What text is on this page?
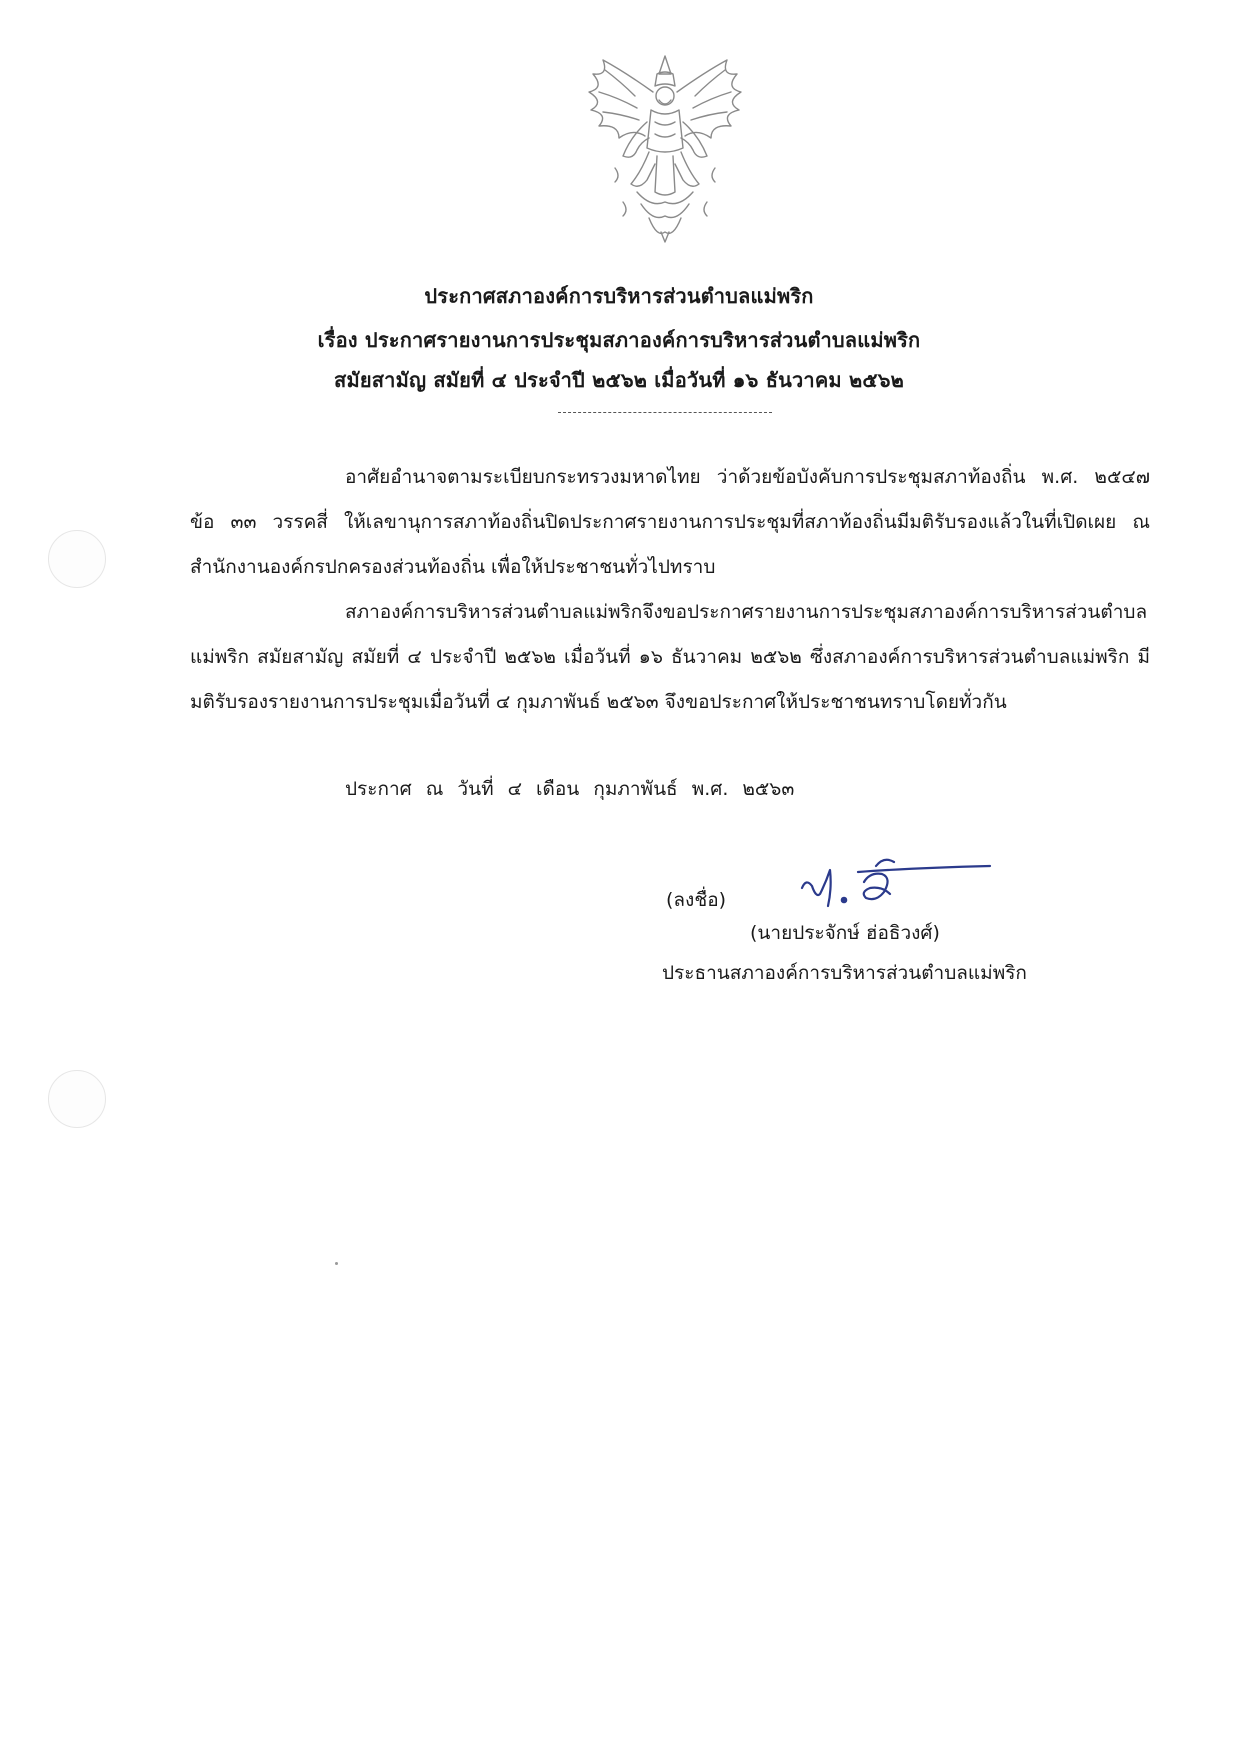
ประกาศสภาองค์การบริหารส่วนตำบลแม่พริก
เรื่อง ประกาศรายงานการประชุมสภาองค์การบริหารส่วนตำบลแม่พริก
สมัยสามัญ สมัยที่ ๔ ประจำปี ๒๕๖๒ เมื่อวันที่ ๑๖ ธันวาคม ๒๕๖๒
อาศัยอำนาจตามระเบียบกระทรวงมหาดไทย ว่าด้วยข้อบังคับการประชุมสภาท้องถิ่น พ.ศ. ๒๕๔๗ ข้อ ๓๓ วรรคสี่ ให้เลขานุการสภาท้องถิ่นปิดประกาศรายงานการประชุมที่สภาท้องถิ่นมีมติรับรองแล้วในที่เปิดเผย ณ สำนักงานองค์กรปกครองส่วนท้องถิ่น เพื่อให้ประชาชนทั่วไปทราบ
สภาองค์การบริหารส่วนตำบลแม่พริกจึงขอประกาศรายงานการประชุมสภาองค์การบริหารส่วนตำบลแม่พริก สมัยสามัญ สมัยที่ ๔ ประจำปี ๒๕๖๒ เมื่อวันที่ ๑๖ ธันวาคม ๒๕๖๒ ซึ่งสภาองค์การบริหารส่วนตำบลแม่พริก มีมติรับรองรายงานการประชุมเมื่อวันที่ ๔ กุมภาพันธ์ ๒๕๖๓ จึงขอประกาศให้ประชาชนทราบโดยทั่วกัน
ประกาศ ณ วันที่ ๔ เดือน กุมภาพันธ์ พ.ศ. ๒๕๖๓
(ลงชื่อ)
(นายประจักษ์ ฮ่อธิวงศ์)
ประธานสภาองค์การบริหารส่วนตำบลแม่พริก
